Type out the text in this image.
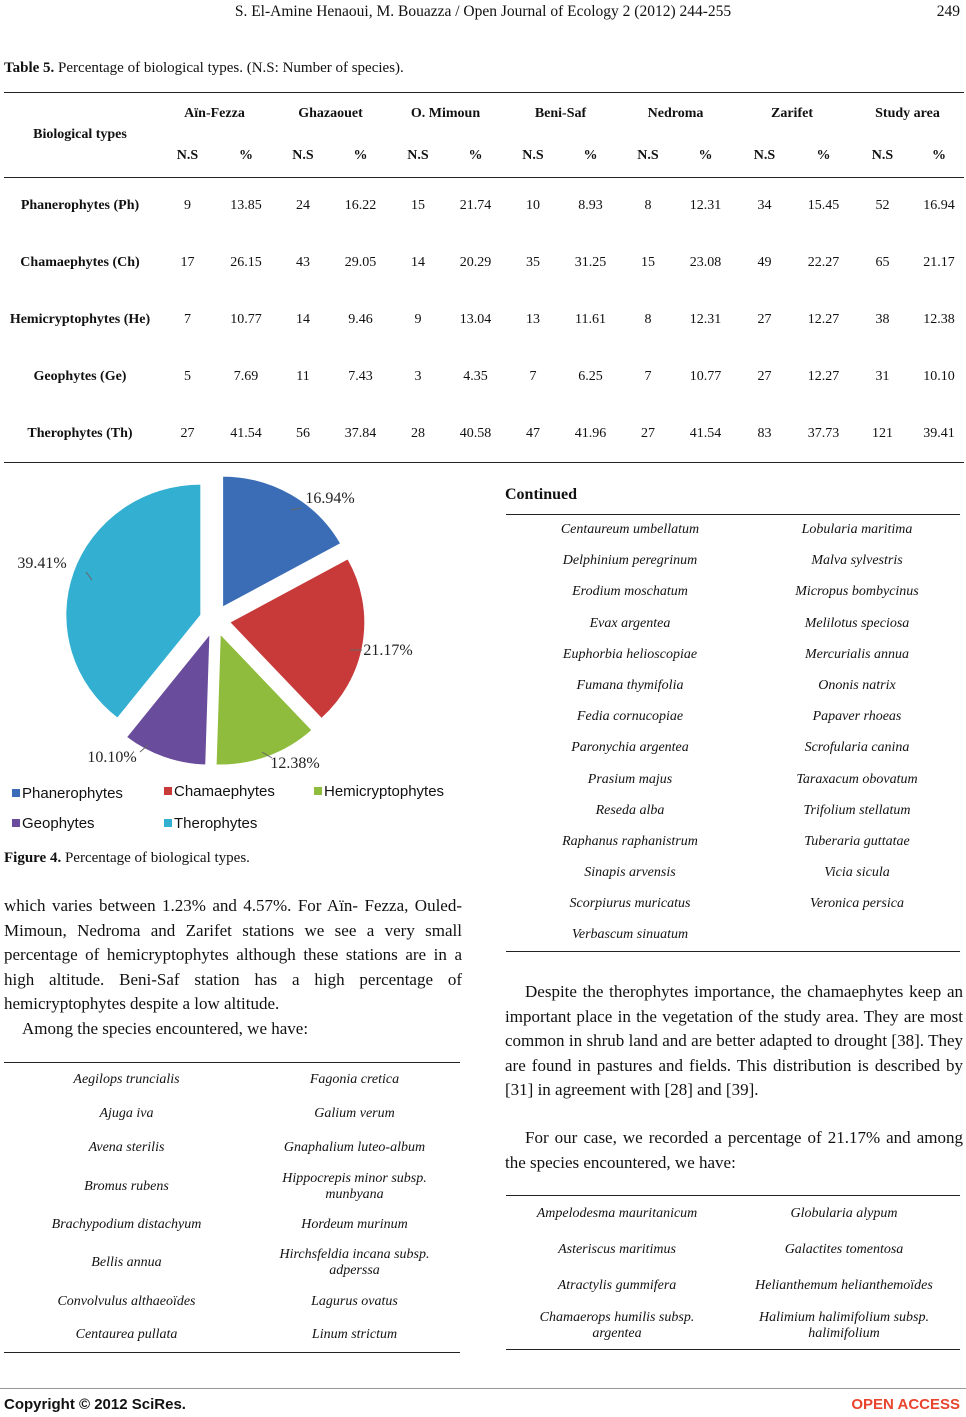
S. El-Amine Henaoui, M. Bouazza / Open Journal of Ecology 2 (2012) 244-255	249
Table 5. Percentage of biological types. (N.S: Number of species).
Biological types	Aïn-Fezza		Ghazaouet		O. Mimoun		Beni-Saf		Nedroma		Zarifet		Study area	
	N.S	%	N.S	%	N.S	%	N.S	%	N.S	%	N.S	%	N.S	%
Phanerophytes (Ph)	9	13.85	24	16.22	15	21.74	10	8.93	8	12.31	34	15.45	52	16.94
Chamaephytes (Ch)	17	26.15	43	29.05	14	20.29	35	31.25	15	23.08	49	22.27	65	21.17
Hemicryptophytes (He)	7	10.77	14	9.46	9	13.04	13	11.61	8	12.31	27	12.27	38	12.38
Geophytes (Ge)	5	7.69	11	7.43	3	4.35	7	6.25	7	10.77	27	12.27	31	10.10
Therophytes (Th)	27	41.54	56	37.84	28	40.58	47	41.96	27	41.54	83	37.73	121	39.41
16.94%
21.17%
12.38%
10.10%
39.41%
Phanerophytes	Chamaephytes	Hemicryptophytes
Geophytes	Therophytes
Figure 4. Percentage of biological types.
which varies between 1.23% and 4.57%. For Aïn- Fezza, Ouled-Mimoun, Nedroma and Zarifet stations we see a very small percentage of hemicryptophytes although these stations are in a high altitude. Beni-Saf station has a high percentage of hemicryptophytes despite a low altitude.
Among the species encountered, we have:
Aegilops truncialis	Fagonia cretica
Ajuga iva	Galium verum
Avena sterilis	Gnaphalium luteo-album
Bromus rubens	Hippocrepis minor subsp. munbyana
Brachypodium distachyum	Hordeum murinum
Bellis annua	Hirchsfeldia incana subsp. adperssa
Convolvulus althaeoïdes	Lagurus ovatus
Centaurea pullata	Linum strictum
Continued
Centaureum umbellatum	Lobularia maritima
Delphinium peregrinum	Malva sylvestris
Erodium moschatum	Micropus bombycinus
Evax argentea	Melilotus speciosa
Euphorbia helioscopiae	Mercurialis annua
Fumana thymifolia	Ononis natrix
Fedia cornucopiae	Papaver rhoeas
Paronychia argentea	Scrofularia canina
Prasium majus	Taraxacum obovatum
Reseda alba	Trifolium stellatum
Raphanus raphanistrum	Tuberaria guttatae
Sinapis arvensis	Vicia sicula
Scorpiurus muricatus	Veronica persica
Verbascum sinuatum	
Despite the therophytes importance, the chamaephytes keep an important place in the vegetation of the study area. They are most common in shrub land and are better adapted to drought [38]. They are found in pastures and fields. This distribution is described by [31] in agreement with [28] and [39].
For our case, we recorded a percentage of 21.17% and among the species encountered, we have:
Ampelodesma mauritanicum	Globularia alypum
Asteriscus maritimus	Galactites tomentosa
Atractylis gummifera	Helianthemum helianthemoïdes
Chamaerops humilis subsp. argentea	Halimium halimifolium subsp. halimifolium
Copyright © 2012 SciRes.	OPEN ACCESS
